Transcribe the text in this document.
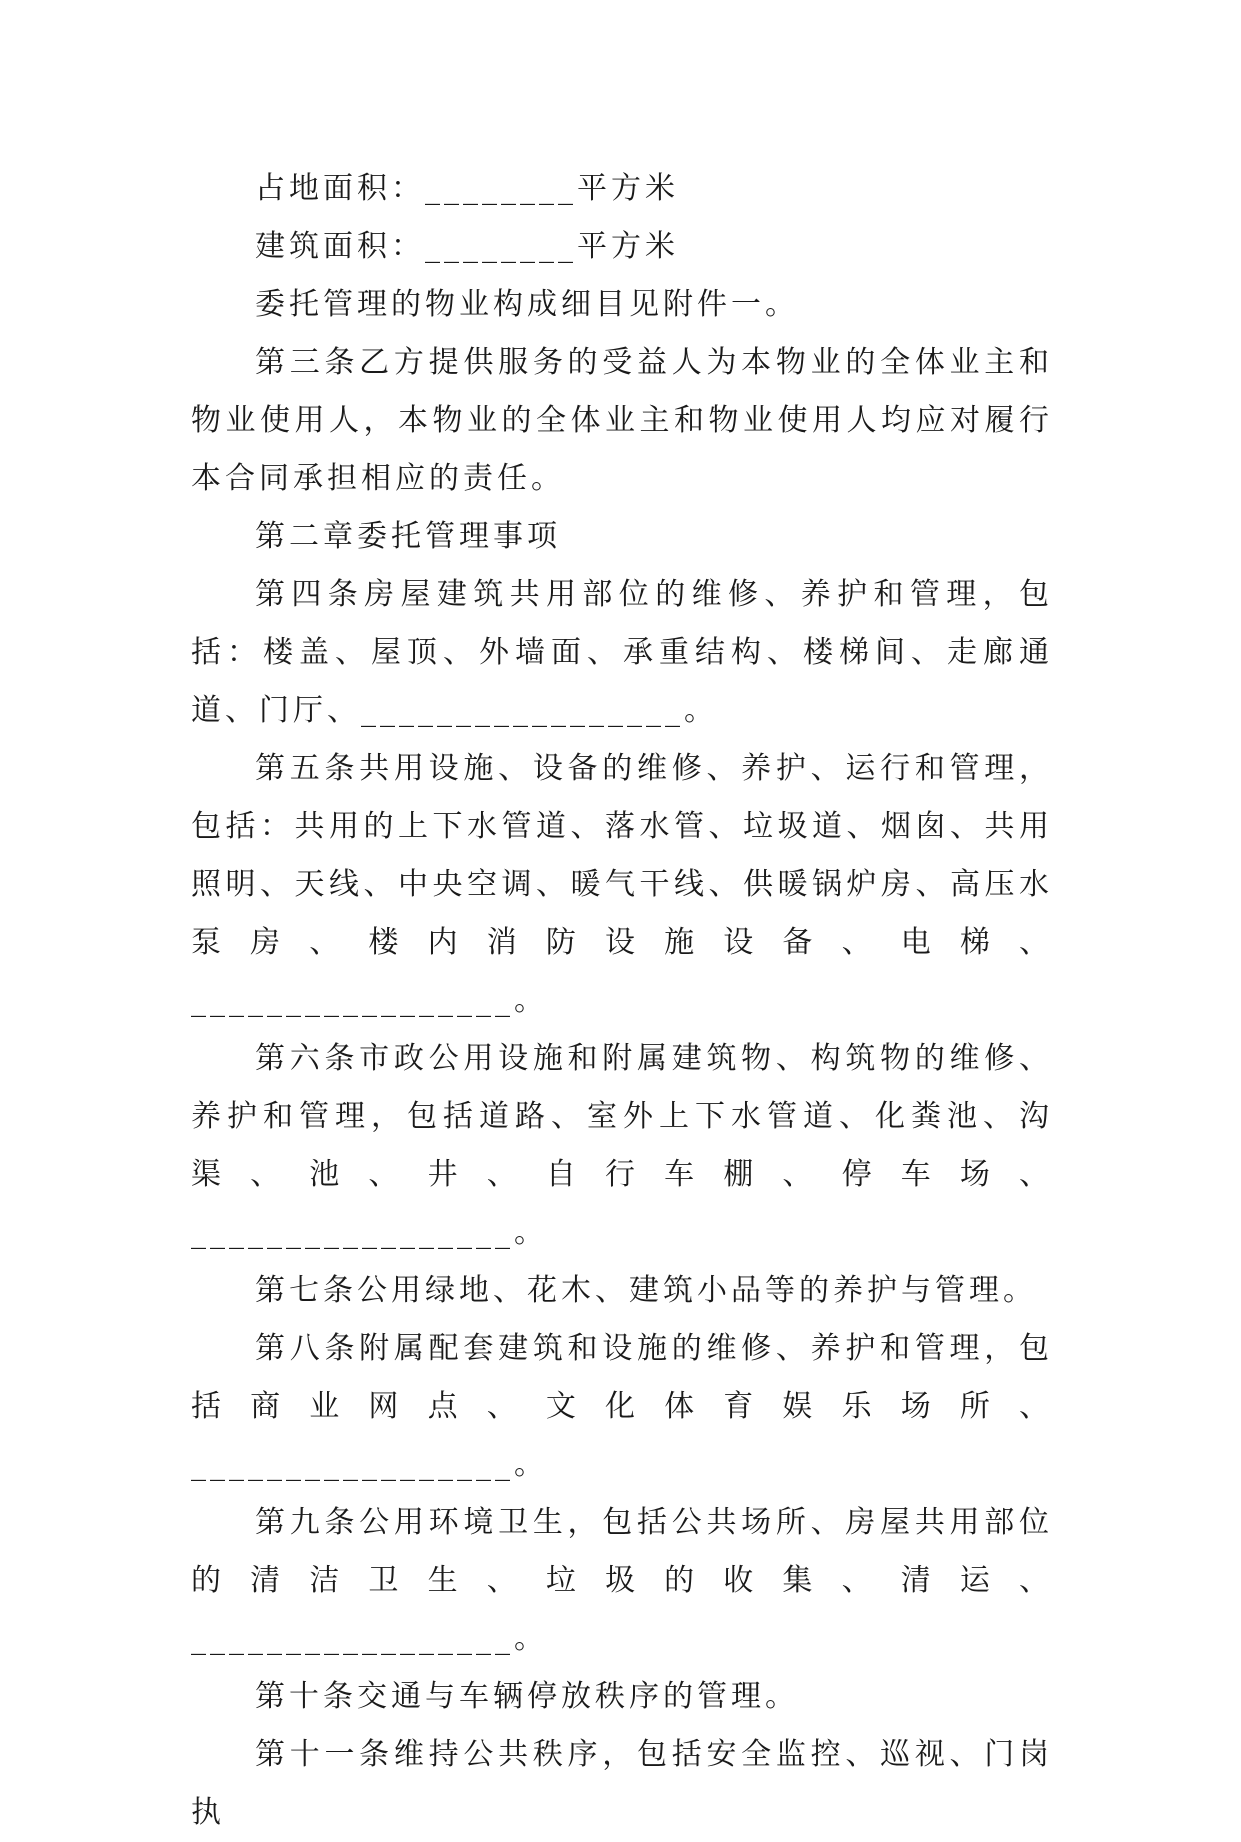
占地面积：________平方米

建筑面积：________平方米

委托管理的物业构成细目见附件一。

第三条乙方提供服务的受益人为本物业的全体业主和物业使用人，本物业的全体业主和物业使用人均应对履行本合同承担相应的责任。

第二章委托管理事项

第四条房屋建筑共用部位的维修、养护和管理，包括：楼盖、屋顶、外墙面、承重结构、楼梯间、走廊通道、门厅、_________________。

第五条共用设施、设备的维修、养护、运行和管理，包括：共用的上下水管道、落水管、垃圾道、烟囱、共用照明、天线、中央空调、暖气干线、供暖锅炉房、高压水泵房、楼内消防设施设备、电梯、_________________。

第六条市政公用设施和附属建筑物、构筑物的维修、养护和管理，包括道路、室外上下水管道、化粪池、沟渠、池、井、自行车棚、停车场、_________________。

第七条公用绿地、花木、建筑小品等的养护与管理。

第八条附属配套建筑和设施的维修、养护和管理，包括商业网点、文化体育娱乐场所、_________________。

第九条公用环境卫生，包括公共场所、房屋共用部位的清洁卫生、垃圾的收集、清运、_________________。

第十条交通与车辆停放秩序的管理。

第十一条维持公共秩序，包括安全监控、巡视、门岗执
